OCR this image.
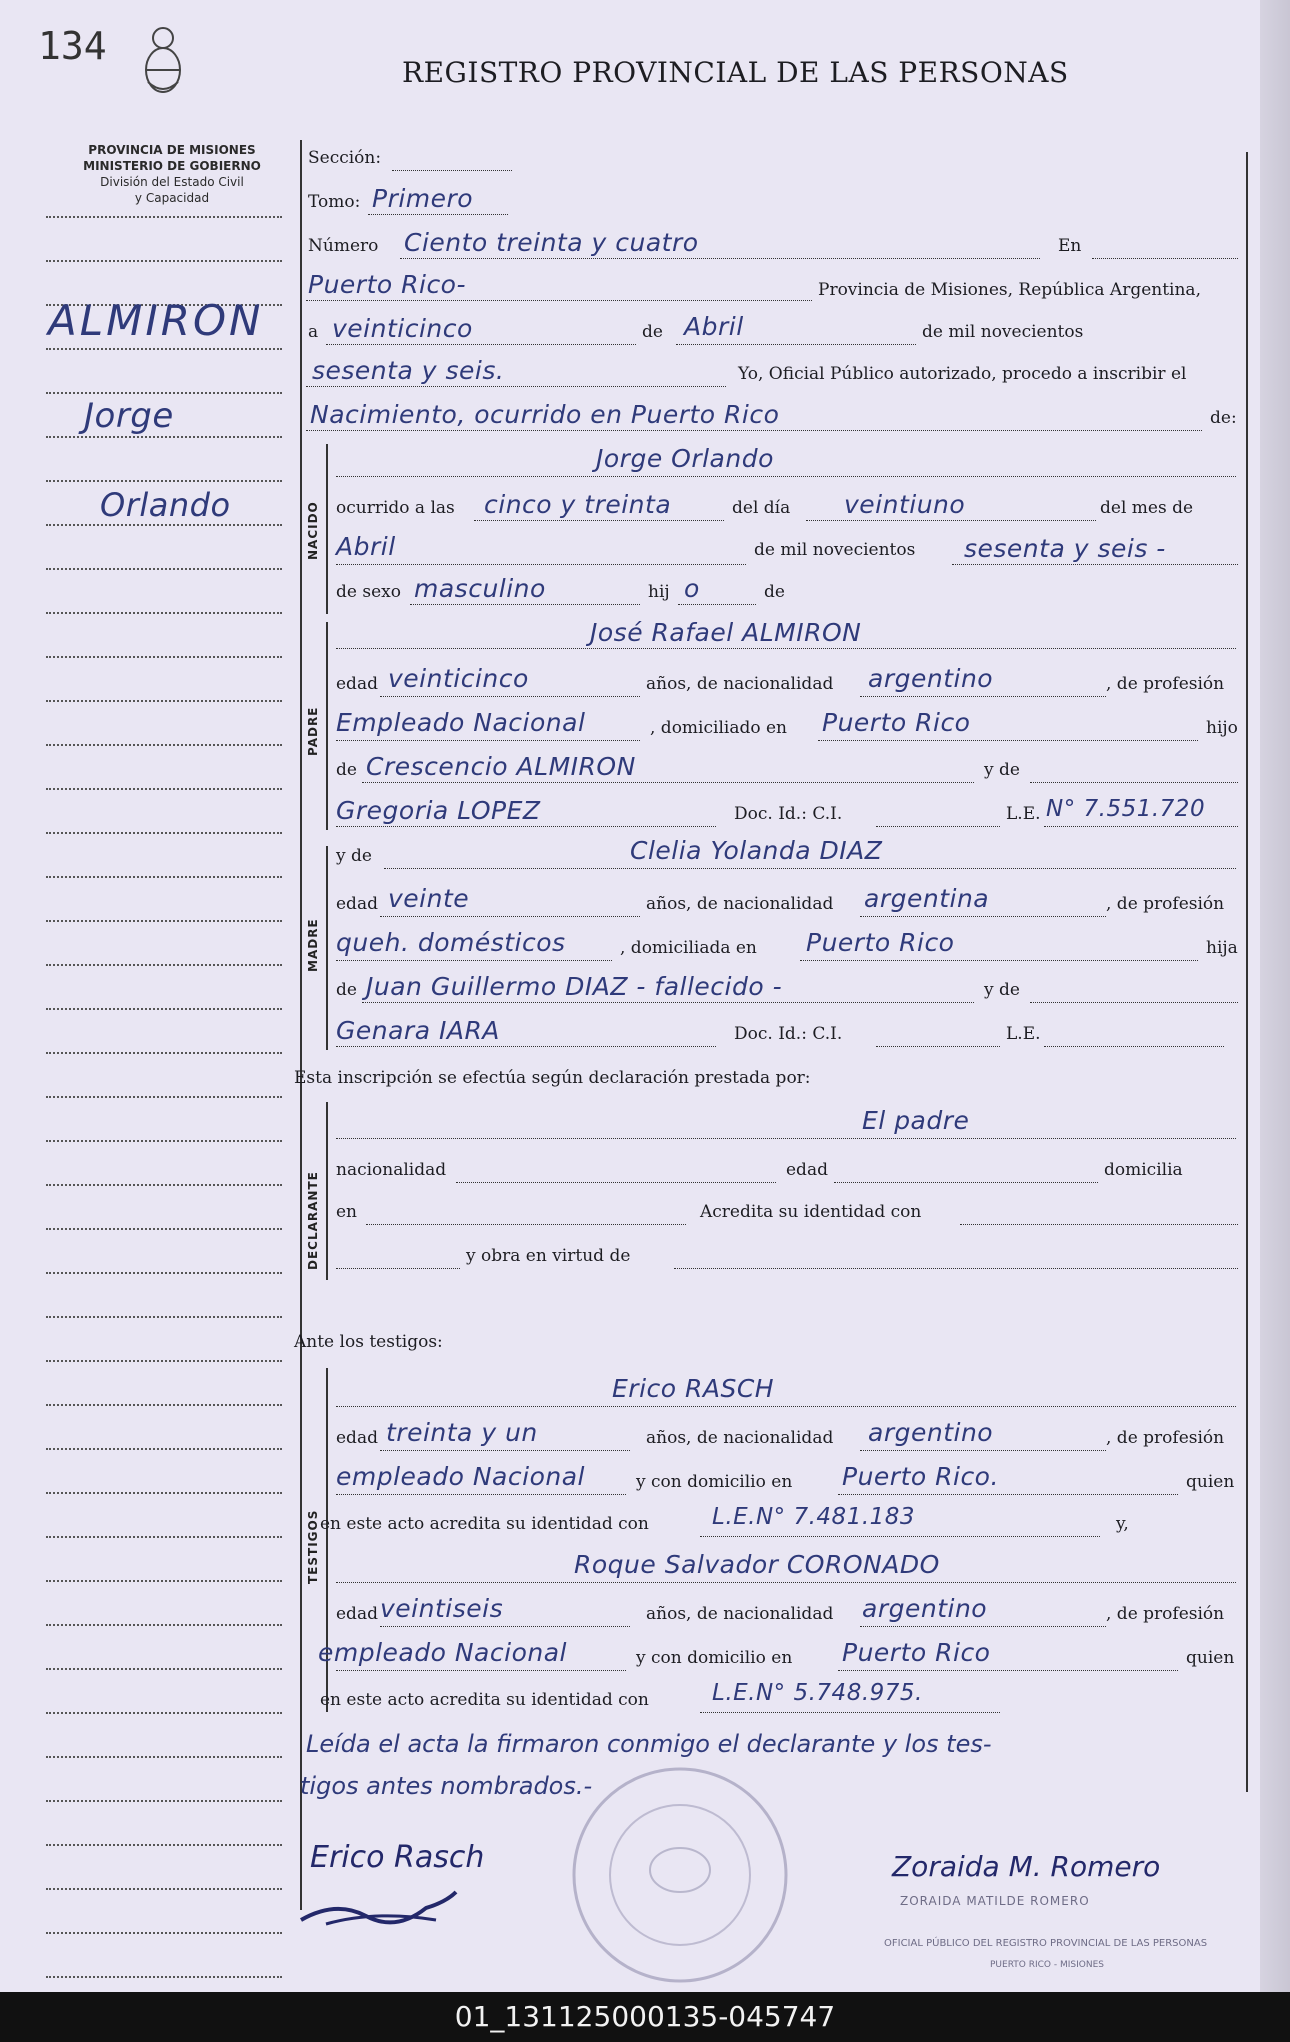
134
REGISTRO PROVINCIAL DE LAS PERSONAS
PROVINCIA DE MISIONES
MINISTERIO DE GOBIERNO
División del Estado Civil
y Capacidad
ALMIRON
Jorge
Orlando
Sección:
Tomo: Primero
Número Ciento treinta y cuatro	En
Puerto Rico-	Provincia de Misiones, República Argentina,
a veinticinco	de Abril	de mil novecientos
sesenta y seis.	Yo, Oficial Público autorizado, procedo a inscribir el
Nacimiento, ocurrido en Puerto Rico	de:
NACIDO
Jorge Orlando
ocurrido a las cinco y treinta	del día veintiuno	del mes de
Abril	de mil novecientos sesenta y seis -
de sexo masculino	hij o	de
PADRE
José Rafael ALMIRON
edad veinticinco	años, de nacionalidad argentino	, de profesión
Empleado Nacional	, domiciliado en Puerto Rico	hijo
de Crescencio ALMIRON	y de
Gregoria LOPEZ	Doc. Id.: C.I.	L.E. N° 7.551.720
MADRE
y de	Clelia Yolanda DIAZ
edad veinte	años, de nacionalidad argentina	, de profesión
queh. domésticos	, domiciliada en Puerto Rico	hija
de Juan Guillermo DIAZ - fallecido -	y de
Genara IARA	Doc. Id.: C.I.	L.E.
Esta inscripción se efectúa según declaración prestada por:
DECLARANTE
El padre
nacionalidad	edad	domicilia
en	Acredita su identidad con
y obra en virtud de
Ante los testigos:
TESTIGOS
Erico RASCH
edad treinta y un	años, de nacionalidad argentino	, de profesión
empleado Nacional	y con domicilio en Puerto Rico.	quien
en este acto acredita su identidad con	L.E.N° 7.481.183	y,
Roque Salvador CORONADO
edad veintiseis	años, de nacionalidad argentino	, de profesión
empleado Nacional	y con domicilio en Puerto Rico	quien
en este acto acredita su identidad con	L.E.N° 5.748.975.
Leída el acta la firmaron conmigo el declarante y los tes-
tigos antes nombrados.-
Erico Rasch	Zoraida M. Romero
ZORAIDA MATILDE ROMERO
OFICIAL PÚBLICO DEL REGISTRO PROVINCIAL DE LAS PERSONAS
PUERTO RICO - MISIONES
01_131125000135-045747
